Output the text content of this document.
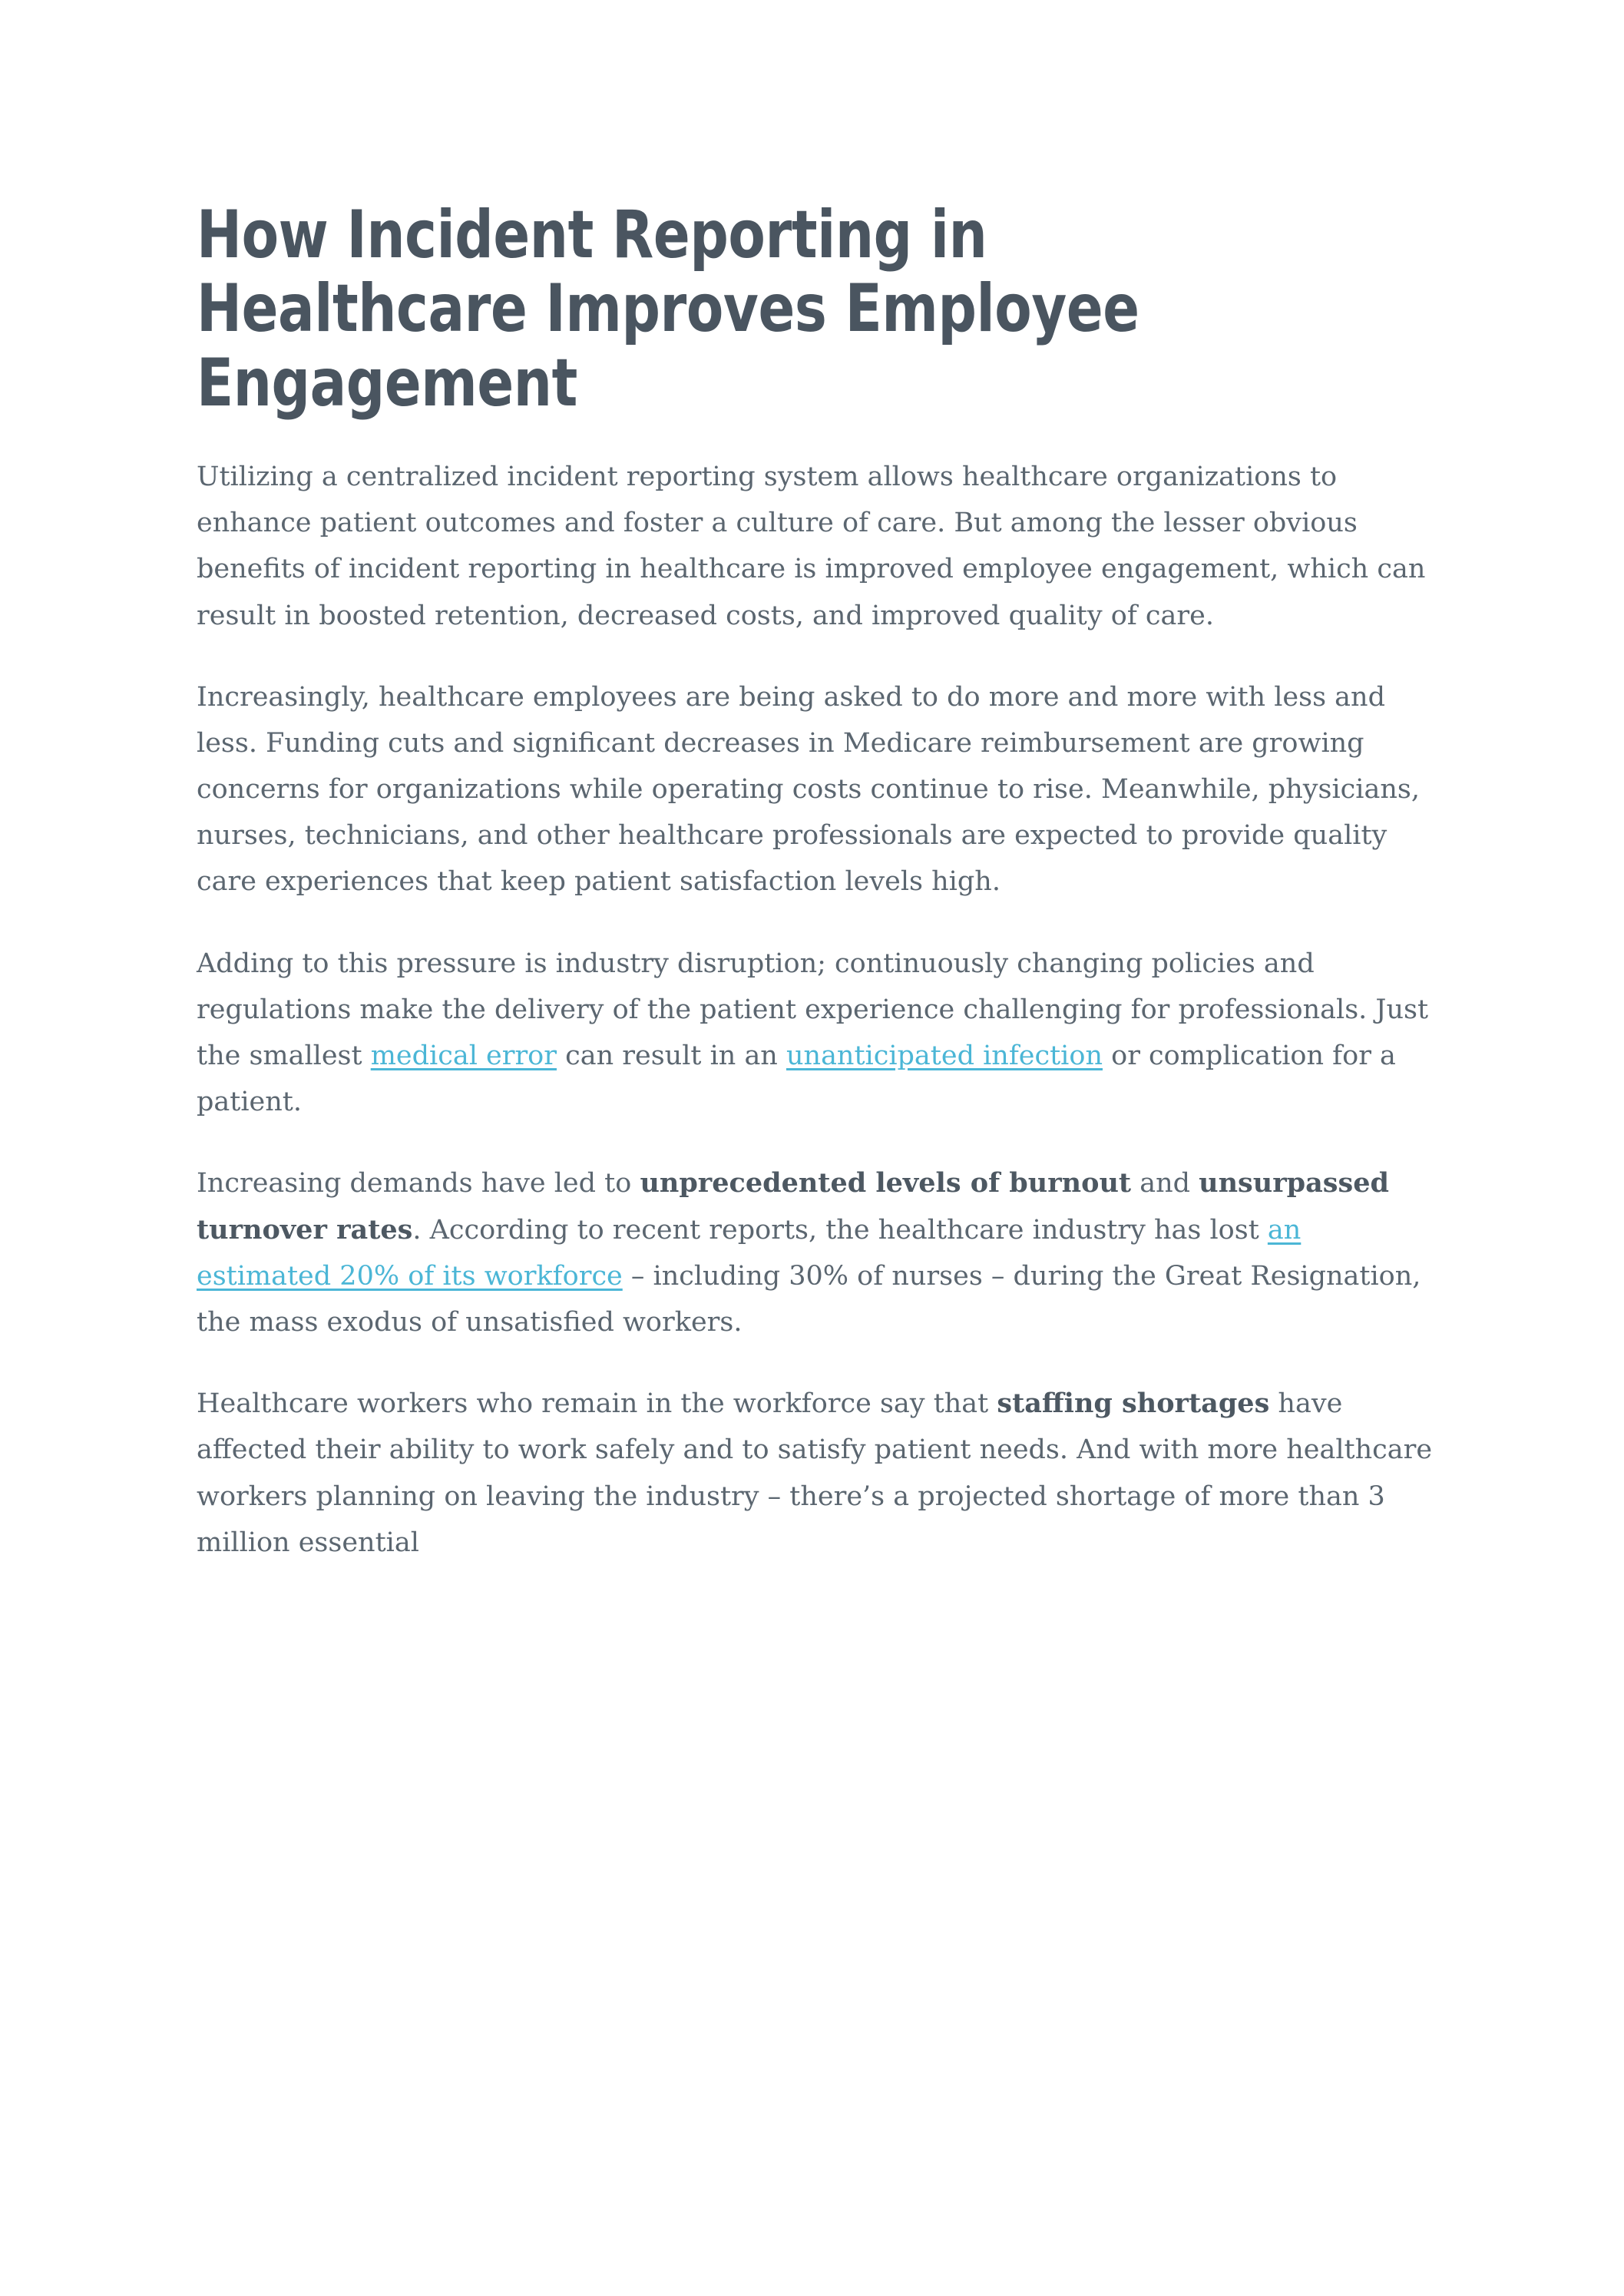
How Incident Reporting in Healthcare Improves Employee Engagement

Utilizing a centralized incident reporting system allows healthcare organizations to enhance patient outcomes and foster a culture of care. But among the lesser obvious benefits of incident reporting in healthcare is improved employee engagement, which can result in boosted retention, decreased costs, and improved quality of care.

Increasingly, healthcare employees are being asked to do more and more with less and less. Funding cuts and significant decreases in Medicare reimbursement are growing concerns for organizations while operating costs continue to rise. Meanwhile, physicians, nurses, technicians, and other healthcare professionals are expected to provide quality care experiences that keep patient satisfaction levels high.

Adding to this pressure is industry disruption; continuously changing policies and regulations make the delivery of the patient experience challenging for professionals. Just the smallest medical error can result in an unanticipated infection or complication for a patient.

Increasing demands have led to unprecedented levels of burnout and unsurpassed turnover rates. According to recent reports, the healthcare industry has lost an estimated 20% of its workforce – including 30% of nurses – during the Great Resignation, the mass exodus of unsatisfied workers.

Healthcare workers who remain in the workforce say that staffing shortages have affected their ability to work safely and to satisfy patient needs. And with more healthcare workers planning on leaving the industry – there’s a projected shortage of more than 3 million essential
